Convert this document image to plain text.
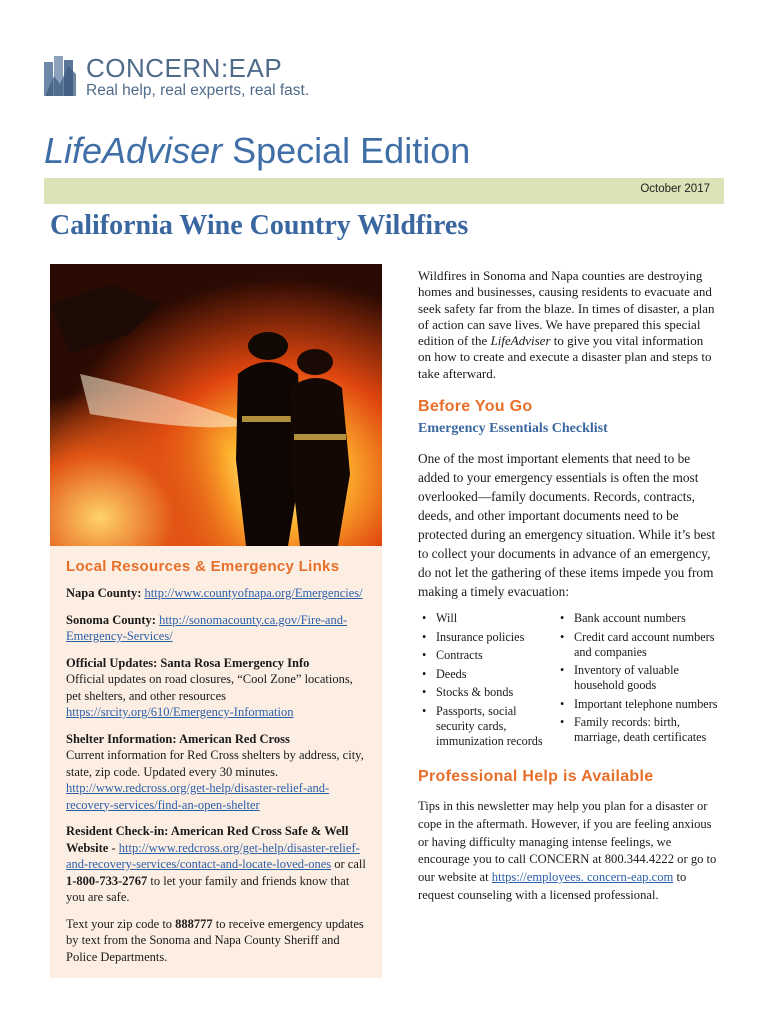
CONCERN:EAP
Real help, real experts, real fast.
LifeAdviser Special Edition
October 2017
California Wine Country Wildfires
Local Resources & Emergency Links

Napa County: http://www.countyofnapa.org/Emergencies/

Sonoma County: http://sonomacounty.ca.gov/Fire-and-Emergency-Services/

Official Updates: Santa Rosa Emergency Info
Official updates on road closures, “Cool Zone” locations, pet shelters, and other resources https://srcity.org/610/Emergency-Information

Shelter Information: American Red Cross
Current information for Red Cross shelters by address, city, state, zip code. Updated every 30 minutes. http://www.redcross.org/get-help/disaster-relief-and-recovery-services/find-an-open-shelter

Resident Check-in: American Red Cross Safe & Well Website - http://www.redcross.org/get-help/disaster-relief-and-recovery-services/contact-and-locate-loved-ones or call 1-800-733-2767 to let your family and friends know that you are safe.

Text your zip code to 888777 to receive emergency updates by text from the Sonoma and Napa County Sheriff and Police Departments.

Wildfires in Sonoma and Napa counties are destroying homes and businesses, causing residents to evacuate and seek safety far from the blaze. In times of disaster, a plan of action can save lives. We have prepared this special edition of the LifeAdviser to give you vital information on how to create and execute a disaster plan and steps to take afterward.

Before You Go
Emergency Essentials Checklist

One of the most important elements that need to be added to your emergency essentials is often the most overlooked—family documents. Records, contracts, deeds, and other important documents need to be protected during an emergency situation. While it’s best to collect your documents in advance of an emergency, do not let the gathering of these items impede you from making a timely evacuation:

• Will
• Insurance policies
• Contracts
• Deeds
• Stocks & bonds
• Passports, social security cards, immunization records
• Bank account numbers
• Credit card account numbers and companies
• Inventory of valuable household goods
• Important telephone numbers
• Family records: birth, marriage, death certificates
Professional Help is Available

Tips in this newsletter may help you plan for a disaster or cope in the aftermath. However, if you are feeling anxious or having difficulty managing intense feelings, we encourage you to call CONCERN at 800.344.4222 or go to our website at https://employees. concern-eap.com to request counseling with a licensed professional.
